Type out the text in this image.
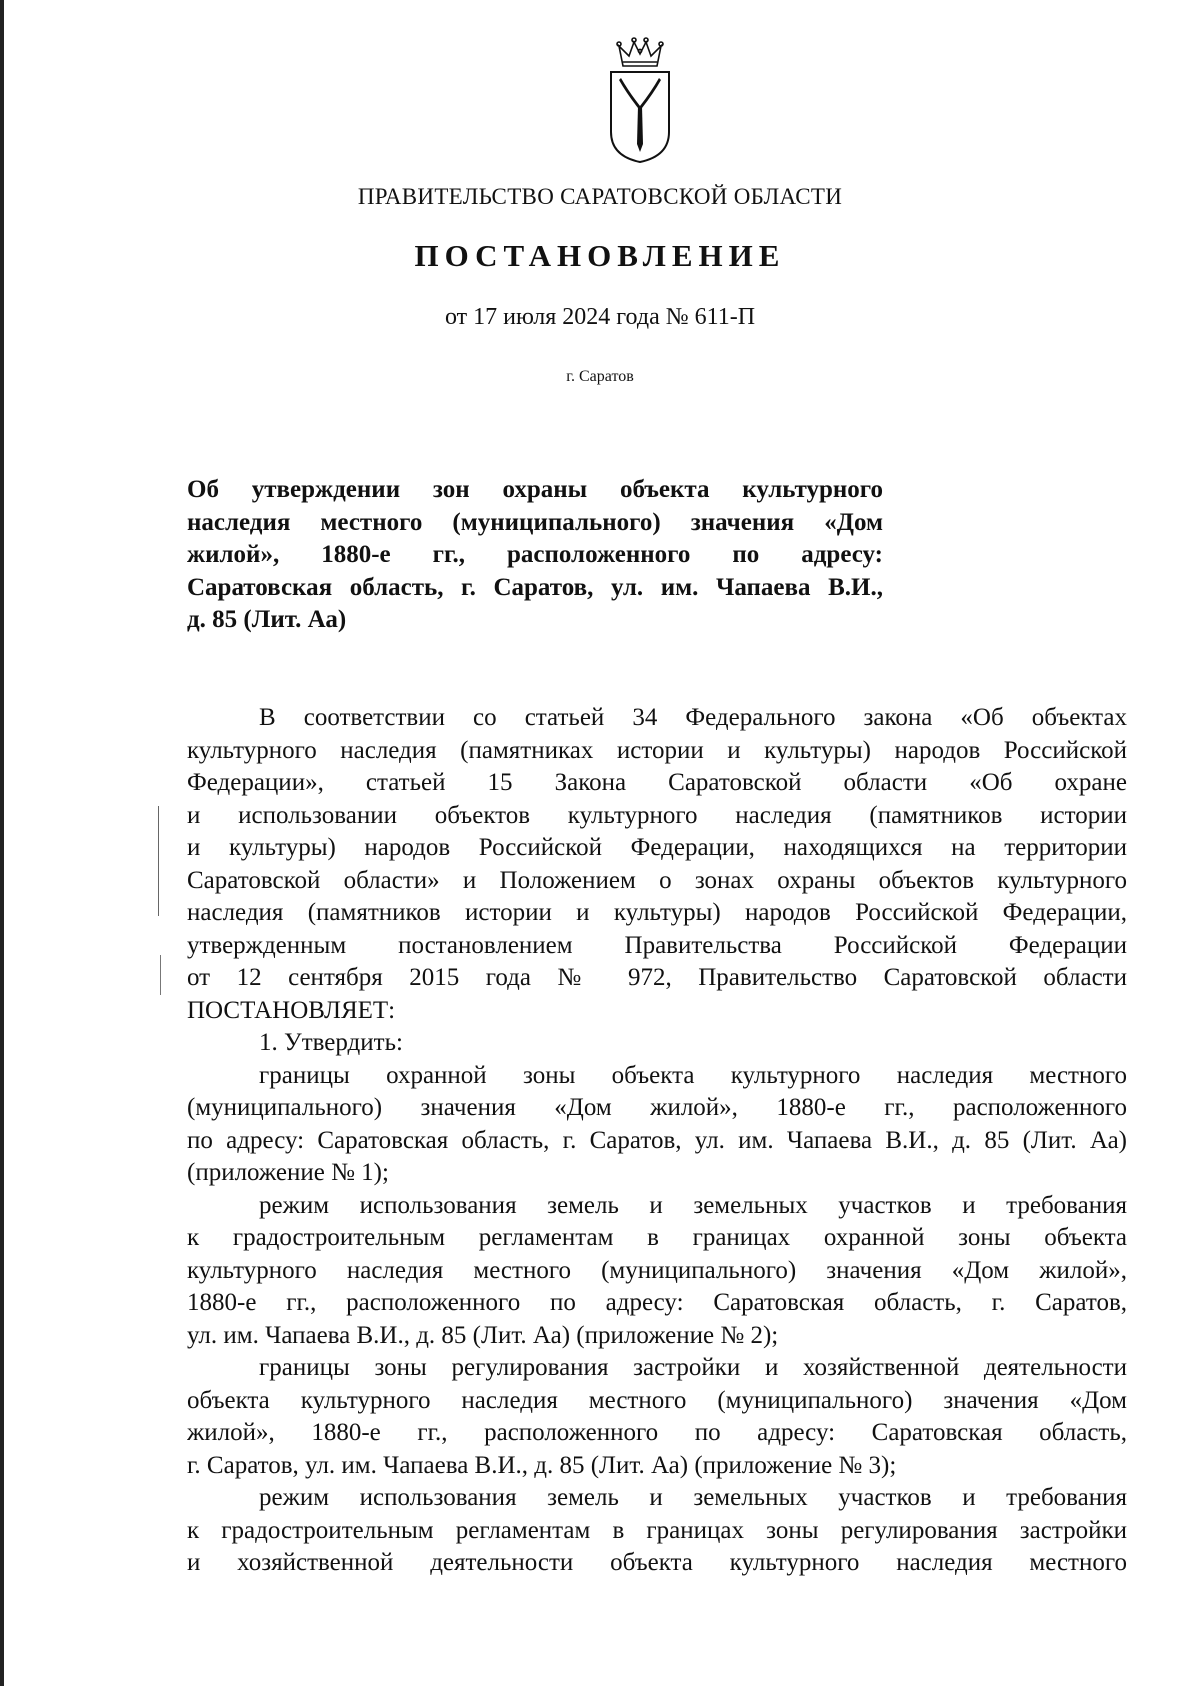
ПРАВИТЕЛЬСТВО САРАТОВСКОЙ ОБЛАСТИ
ПОСТАНОВЛЕНИЕ
от 17 июля 2024 года № 611-П
г. Саратов
Об утверждении зон охраны объекта культурного
наследия местного (муниципального) значения «Дом
жилой», 1880-е гг., расположенного по адресу:
Саратовская область, г. Саратов, ул. им. Чапаева В.И.,
д. 85 (Лит. Аа)
В соответствии со статьей 34 Федерального закона «Об объектах
культурного наследия (памятниках истории и культуры) народов Российской
Федерации», статьей 15 Закона Саратовской области «Об охране
и использовании объектов культурного наследия (памятников истории
и культуры) народов Российской Федерации, находящихся на территории
Саратовской области» и Положением о зонах охраны объектов культурного
наследия (памятников истории и культуры) народов Российской Федерации,
утвержденным постановлением Правительства Российской Федерации
от 12 сентября 2015 года № 972, Правительство Саратовской области
ПОСТАНОВЛЯЕТ:
1. Утвердить:
границы охранной зоны объекта культурного наследия местного
(муниципального) значения «Дом жилой», 1880-е гг., расположенного
по адресу: Саратовская область, г. Саратов, ул. им. Чапаева В.И., д. 85 (Лит. Аа)
(приложение № 1);
режим использования земель и земельных участков и требования
к градостроительным регламентам в границах охранной зоны объекта
культурного наследия местного (муниципального) значения «Дом жилой»,
1880-е гг., расположенного по адресу: Саратовская область, г. Саратов,
ул. им. Чапаева В.И., д. 85 (Лит. Аа) (приложение № 2);
границы зоны регулирования застройки и хозяйственной деятельности
объекта культурного наследия местного (муниципального) значения «Дом
жилой», 1880-е гг., расположенного по адресу: Саратовская область,
г. Саратов, ул. им. Чапаева В.И., д. 85 (Лит. Аа) (приложение № 3);
режим использования земель и земельных участков и требования
к градостроительным регламентам в границах зоны регулирования застройки
и хозяйственной деятельности объекта культурного наследия местного
